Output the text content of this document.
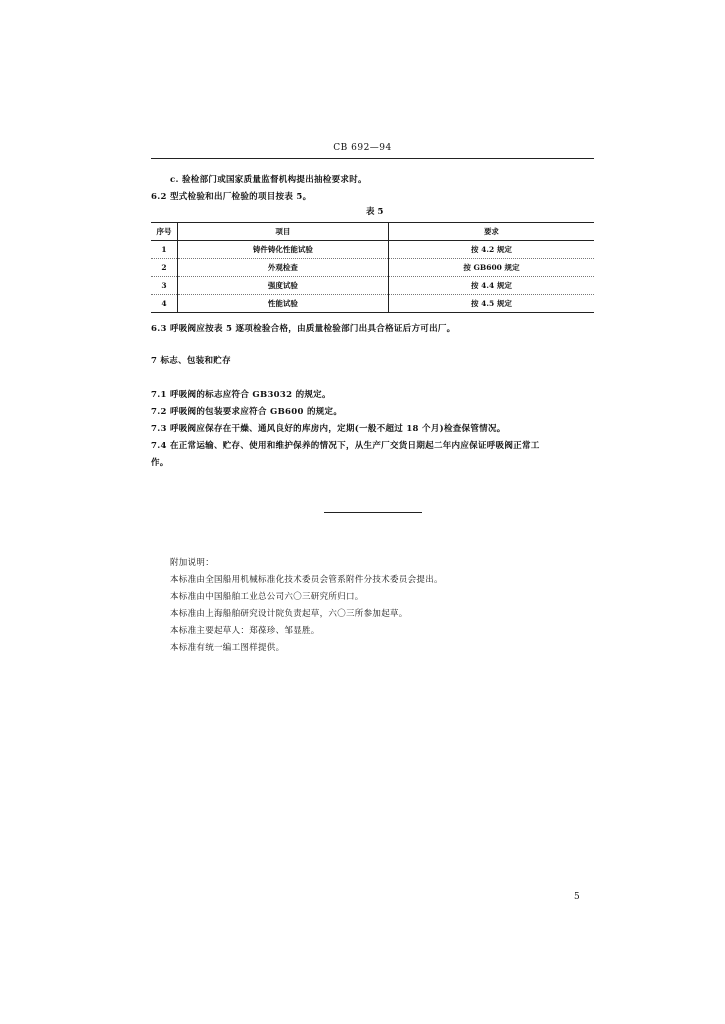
CB 692—94
c. 验检部门或国家质量监督机构提出抽检要求时。
6.2 型式检验和出厂检验的项目按表 5。
表 5
序号	项目	要求
1	铸件铸化性能试验	按 4.2 规定
2	外观检查	按 GB600 规定
3	强度试验	按 4.4 规定
4	性能试验	按 4.5 规定
6.3 呼吸阀应按表 5 逐项检验合格，由质量检验部门出具合格证后方可出厂。
7 标志、包装和贮存
7.1 呼吸阀的标志应符合 GB3032 的规定。
7.2 呼吸阀的包装要求应符合 GB600 的规定。
7.3 呼吸阀应保存在干燥、通风良好的库房内，定期(一般不超过 18 个月)检查保管情况。
7.4 在正常运输、贮存、使用和维护保养的情况下，从生产厂交货日期起二年内应保证呼吸阀正常工
作。
附加说明：
本标准由全国船用机械标准化技术委员会管系附件分技术委员会提出。
本标准由中国船舶工业总公司六〇三研究所归口。
本标准由上海船舶研究设计院负责起草，六〇三所参加起草。
本标准主要起草人：郑葆珍、邹显胜。
本标准有统一编工图样提供。
5
